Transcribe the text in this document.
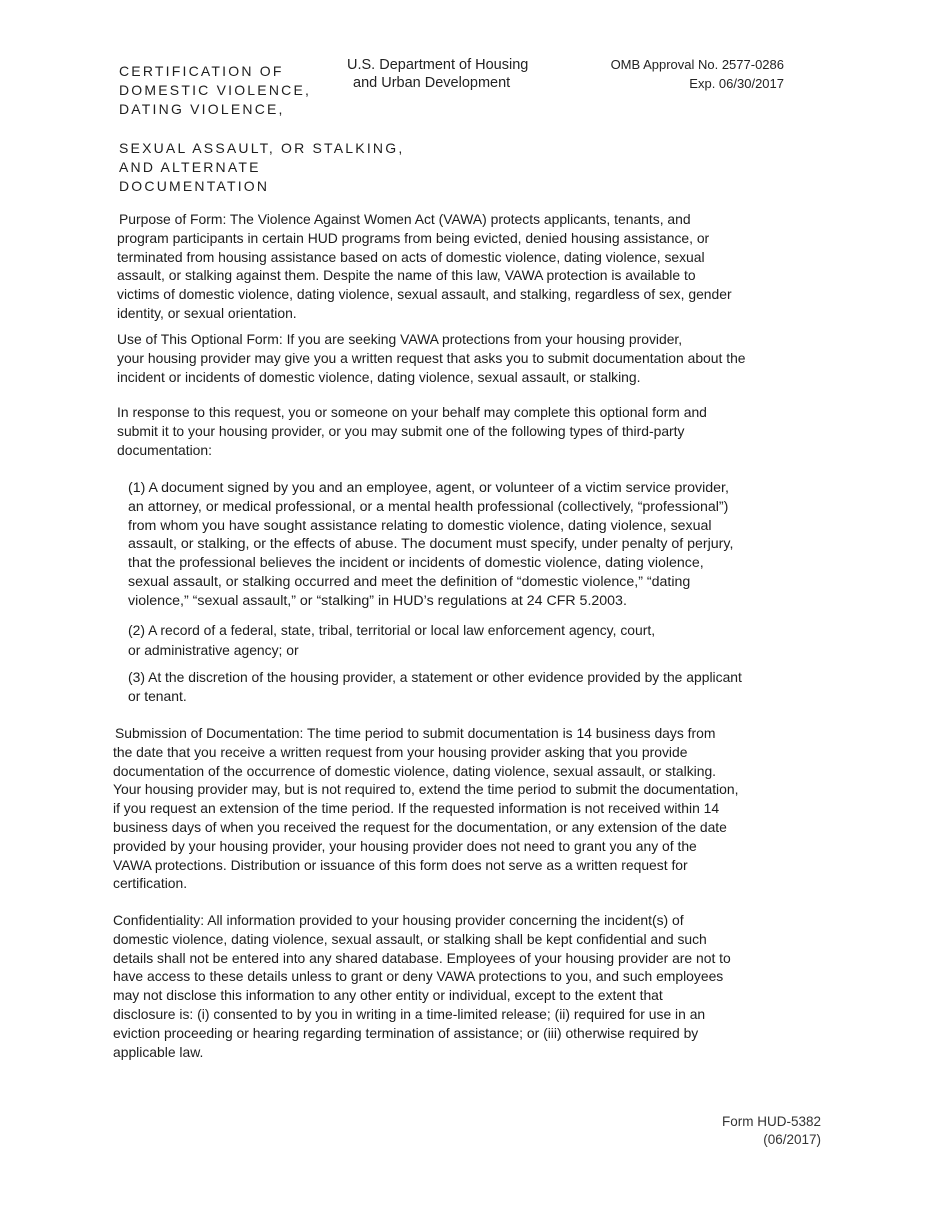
CERTIFICATION OF
DOMESTIC VIOLENCE,
DATING VIOLENCE,
SEXUAL ASSAULT, OR STALKING,
AND ALTERNATE
DOCUMENTATION
U.S. Department of Housing
and Urban Development
OMB Approval No. 2577-0286
Exp. 06/30/2017
Purpose of Form: The Violence Against Women Act (VAWA) protects applicants, tenants, and
program participants in certain HUD programs from being evicted, denied housing assistance, or
terminated from housing assistance based on acts of domestic violence, dating violence, sexual
assault, or stalking against them. Despite the name of this law, VAWA protection is available to
victims of domestic violence, dating violence, sexual assault, and stalking, regardless of sex, gender
identity, or sexual orientation.
Use of This Optional Form: If you are seeking VAWA protections from your housing provider,
your housing provider may give you a written request that asks you to submit documentation about the
incident or incidents of domestic violence, dating violence, sexual assault, or stalking.
In response to this request, you or someone on your behalf may complete this optional form and
submit it to your housing provider, or you may submit one of the following types of third-party
documentation:
(1) A document signed by you and an employee, agent, or volunteer of a victim service provider,
an attorney, or medical professional, or a mental health professional (collectively, “professional”)
from whom you have sought assistance relating to domestic violence, dating violence, sexual
assault, or stalking, or the effects of abuse. The document must specify, under penalty of perjury,
that the professional believes the incident or incidents of domestic violence, dating violence,
sexual assault, or stalking occurred and meet the definition of “domestic violence,” “dating
violence,” “sexual assault,” or “stalking” in HUD’s regulations at 24 CFR 5.2003.
(2) A record of a federal, state, tribal, territorial or local law enforcement agency, court,
or administrative agency; or
(3) At the discretion of the housing provider, a statement or other evidence provided by the applicant
or tenant.
Submission of Documentation: The time period to submit documentation is 14 business days from
the date that you receive a written request from your housing provider asking that you provide
documentation of the occurrence of domestic violence, dating violence, sexual assault, or stalking.
Your housing provider may, but is not required to, extend the time period to submit the documentation,
if you request an extension of the time period. If the requested information is not received within 14
business days of when you received the request for the documentation, or any extension of the date
provided by your housing provider, your housing provider does not need to grant you any of the
VAWA protections. Distribution or issuance of this form does not serve as a written request for
certification.
Confidentiality: All information provided to your housing provider concerning the incident(s) of
domestic violence, dating violence, sexual assault, or stalking shall be kept confidential and such
details shall not be entered into any shared database. Employees of your housing provider are not to
have access to these details unless to grant or deny VAWA protections to you, and such employees
may not disclose this information to any other entity or individual, except to the extent that
disclosure is: (i) consented to by you in writing in a time-limited release; (ii) required for use in an
eviction proceeding or hearing regarding termination of assistance; or (iii) otherwise required by
applicable law.
Form HUD-5382
(06/2017)
